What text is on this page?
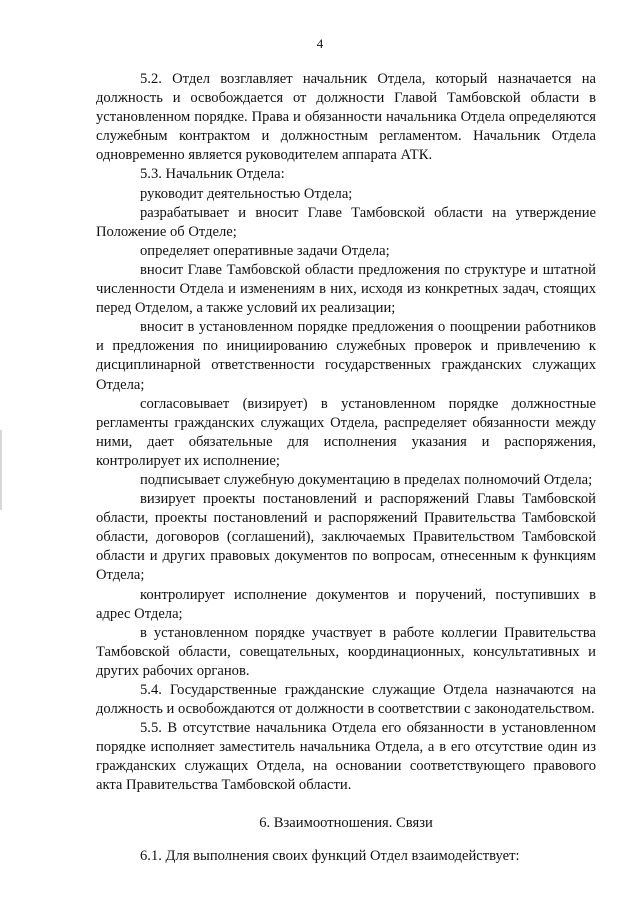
4

5.2. Отдел возглавляет начальник Отдела, который назначается на должность и освобождается от должности Главой Тамбовской области в установленном порядке. Права и обязанности начальника Отдела определяются служебным контрактом и должностным регламентом. Начальник Отдела одновременно является руководителем аппарата АТК.

5.3. Начальник Отдела:

руководит деятельностью Отдела;

разрабатывает и вносит Главе Тамбовской области на утверждение Положение об Отделе;

определяет оперативные задачи Отдела;

вносит Главе Тамбовской области предложения по структуре и штатной численности Отдела и изменениям в них, исходя из конкретных задач, стоящих перед Отделом, а также условий их реализации;

вносит в установленном порядке предложения о поощрении работников и предложения по инициированию служебных проверок и привлечению к дисциплинарной ответственности государственных гражданских служащих Отдела;

согласовывает (визирует) в установленном порядке должностные регламенты гражданских служащих Отдела, распределяет обязанности между ними, дает обязательные для исполнения указания и распоряжения, контролирует их исполнение;

подписывает служебную документацию в пределах полномочий Отдела;

визирует проекты постановлений и распоряжений Главы Тамбовской области, проекты постановлений и распоряжений Правительства Тамбовской области, договоров (соглашений), заключаемых Правительством Тамбовской области и других правовых документов по вопросам, отнесенным к функциям Отдела;

контролирует исполнение документов и поручений, поступивших в адрес Отдела;

в установленном порядке участвует в работе коллегии Правительства Тамбовской области, совещательных, координационных, консультативных и других рабочих органов.

5.4. Государственные гражданские служащие Отдела назначаются на должность и освобождаются от должности в соответствии с законодательством.

5.5. В отсутствие начальника Отдела его обязанности в установленном порядке исполняет заместитель начальника Отдела, а в его отсутствие один из гражданских служащих Отдела, на основании соответствующего правового акта Правительства Тамбовской области.

6. Взаимоотношения. Связи

6.1. Для выполнения своих функций Отдел взаимодействует:
